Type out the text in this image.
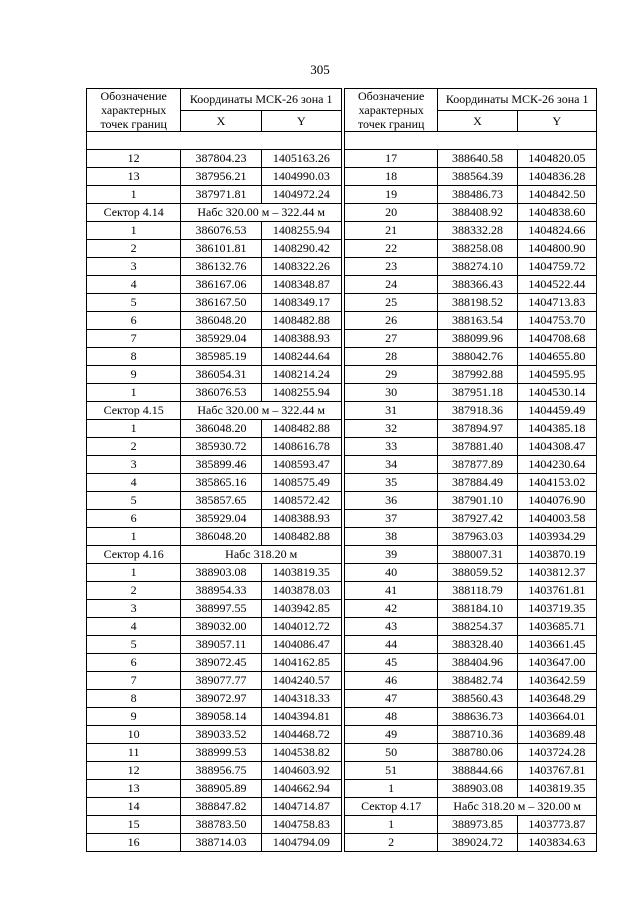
305
Обозначение характерных точек границ	Координаты МСК-26 зона 1	
	X	Y

12	387804.23	1405163.26
13	387956.21	1404990.03
1	387971.81	1404972.24
Сектор 4.14	Набс 320.00 м – 322.44 м	
1	386076.53	1408255.94
2	386101.81	1408290.42
3	386132.76	1408322.26
4	386167.06	1408348.87
5	386167.50	1408349.17
6	386048.20	1408482.88
7	385929.04	1408388.93
8	385985.19	1408244.64
9	386054.31	1408214.24
1	386076.53	1408255.94
Сектор 4.15	Набс 320.00 м – 322.44 м	
1	386048.20	1408482.88
2	385930.72	1408616.78
3	385899.46	1408593.47
4	385865.16	1408575.49
5	385857.65	1408572.42
6	385929.04	1408388.93
1	386048.20	1408482.88
Сектор 4.16	Набс 318.20 м	
1	388903.08	1403819.35
2	388954.33	1403878.03
3	388997.55	1403942.85
4	389032.00	1404012.72
5	389057.11	1404086.47
6	389072.45	1404162.85
7	389077.77	1404240.57
8	389072.97	1404318.33
9	389058.14	1404394.81
10	389033.52	1404468.72
11	388999.53	1404538.82
12	388956.75	1404603.92
13	388905.89	1404662.94
14	388847.82	1404714.87
15	388783.50	1404758.83
16	388714.03	1404794.09
Обозначение характерных точек границ	Координаты МСК-26 зона 1	
	X	Y

17	388640.58	1404820.05
18	388564.39	1404836.28
19	388486.73	1404842.50
20	388408.92	1404838.60
21	388332.28	1404824.66
22	388258.08	1404800.90
23	388274.10	1404759.72
24	388366.43	1404522.44
25	388198.52	1404713.83
26	388163.54	1404753.70
27	388099.96	1404708.68
28	388042.76	1404655.80
29	387992.88	1404595.95
30	387951.18	1404530.14
31	387918.36	1404459.49
32	387894.97	1404385.18
33	387881.40	1404308.47
34	387877.89	1404230.64
35	387884.49	1404153.02
36	387901.10	1404076.90
37	387927.42	1404003.58
38	387963.03	1403934.29
39	388007.31	1403870.19
40	388059.52	1403812.37
41	388118.79	1403761.81
42	388184.10	1403719.35
43	388254.37	1403685.71
44	388328.40	1403661.45
45	388404.96	1403647.00
46	388482.74	1403642.59
47	388560.43	1403648.29
48	388636.73	1403664.01
49	388710.36	1403689.48
50	388780.06	1403724.28
51	388844.66	1403767.81
1	388903.08	1403819.35
Сектор 4.17	Набс 318.20 м – 320.00 м	
1	388973.85	1403773.87
2	389024.72	1403834.63
